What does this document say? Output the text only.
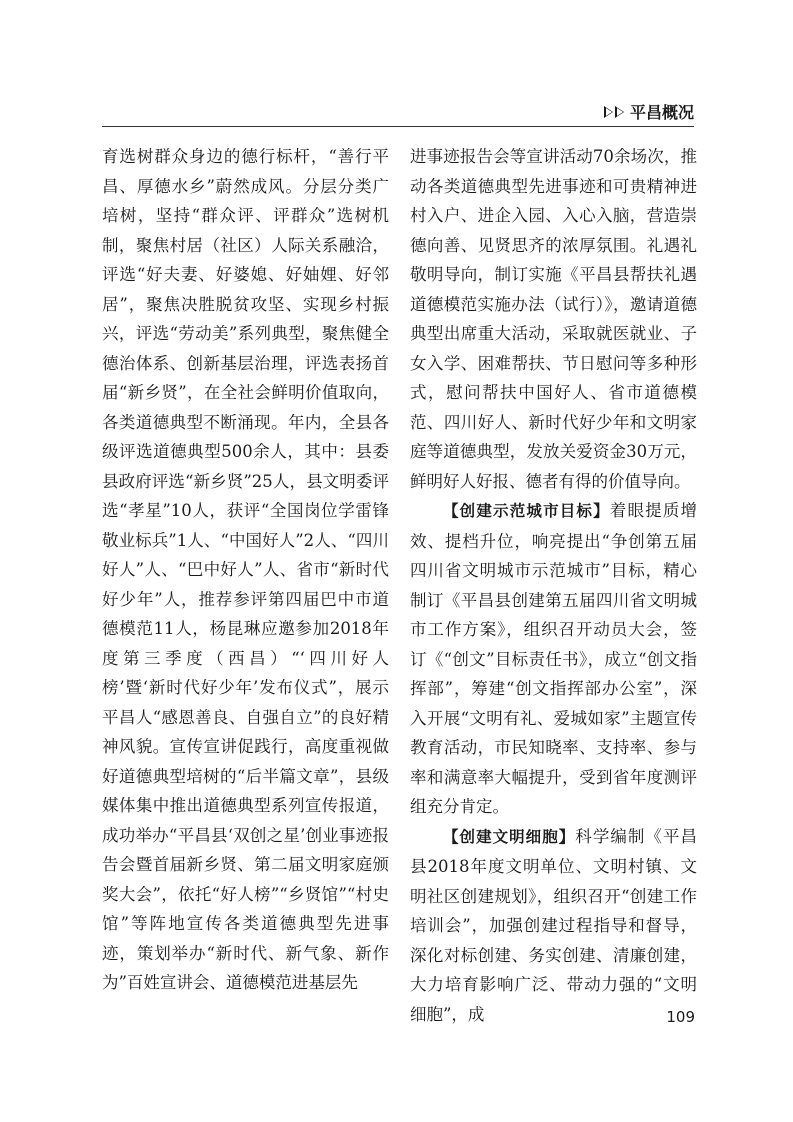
平昌概况

育选树群众身边的德行标杆，“善行平昌、厚德水乡”蔚然成风。分层分类广培树，坚持“群众评、评群众”选树机制，聚焦村居（社区）人际关系融洽，评选“好夫妻、好婆媳、好妯娌、好邻居”，聚焦决胜脱贫攻坚、实现乡村振兴，评选“劳动美”系列典型，聚焦健全德治体系、创新基层治理，评选表扬首届“新乡贤”，在全社会鲜明价值取向，各类道德典型不断涌现。年内，全县各级评选道德典型500余人，其中：县委县政府评选“新乡贤”25人，县文明委评选“孝星”10人，获评“全国岗位学雷锋敬业标兵”1人、“中国好人”2人、“四川好人”人、“巴中好人”人、省市“新时代好少年”人，推荐参评第四届巴中市道德模范11人，杨昆琳应邀参加2018年度第三季度（西昌）“‘四川好人榜’暨‘新时代好少年’发布仪式”，展示平昌人“感恩善良、自强自立”的良好精神风貌。宣传宣讲促践行，高度重视做好道德典型培树的“后半篇文章”，县级媒体集中推出道德典型系列宣传报道，成功举办“平昌县‘双创之星’创业事迹报告会暨首届新乡贤、第二届文明家庭颁奖大会”，依托“好人榜”“乡贤馆”“村史馆”等阵地宣传各类道德典型先进事迹，策划举办“新时代、新气象、新作为”百姓宣讲会、道德模范进基层先

进事迹报告会等宣讲活动70余场次，推动各类道德典型先进事迹和可贵精神进村入户、进企入园、入心入脑，营造崇德向善、见贤思齐的浓厚氛围。礼遇礼敬明导向，制订实施《平昌县帮扶礼遇道德模范实施办法（试行）》，邀请道德典型出席重大活动，采取就医就业、子女入学、困难帮扶、节日慰问等多种形式，慰问帮扶中国好人、省市道德模范、四川好人、新时代好少年和文明家庭等道德典型，发放关爱资金30万元，鲜明好人好报、德者有得的价值导向。

【创建示范城市目标】着眼提质增效、提档升位，响亮提出“争创第五届四川省文明城市示范城市”目标，精心制订《平昌县创建第五届四川省文明城市工作方案》，组织召开动员大会，签订《“创文”目标责任书》，成立“创文指挥部”，筹建“创文指挥部办公室”，深入开展“文明有礼、爱城如家”主题宣传教育活动，市民知晓率、支持率、参与率和满意率大幅提升，受到省年度测评组充分肯定。

【创建文明细胞】科学编制《平昌县2018年度文明单位、文明村镇、文明社区创建规划》，组织召开“创建工作培训会”，加强创建过程指导和督导，深化对标创建、务实创建、清廉创建，大力培育影响广泛、带动力强的“文明细胞”，成	109
